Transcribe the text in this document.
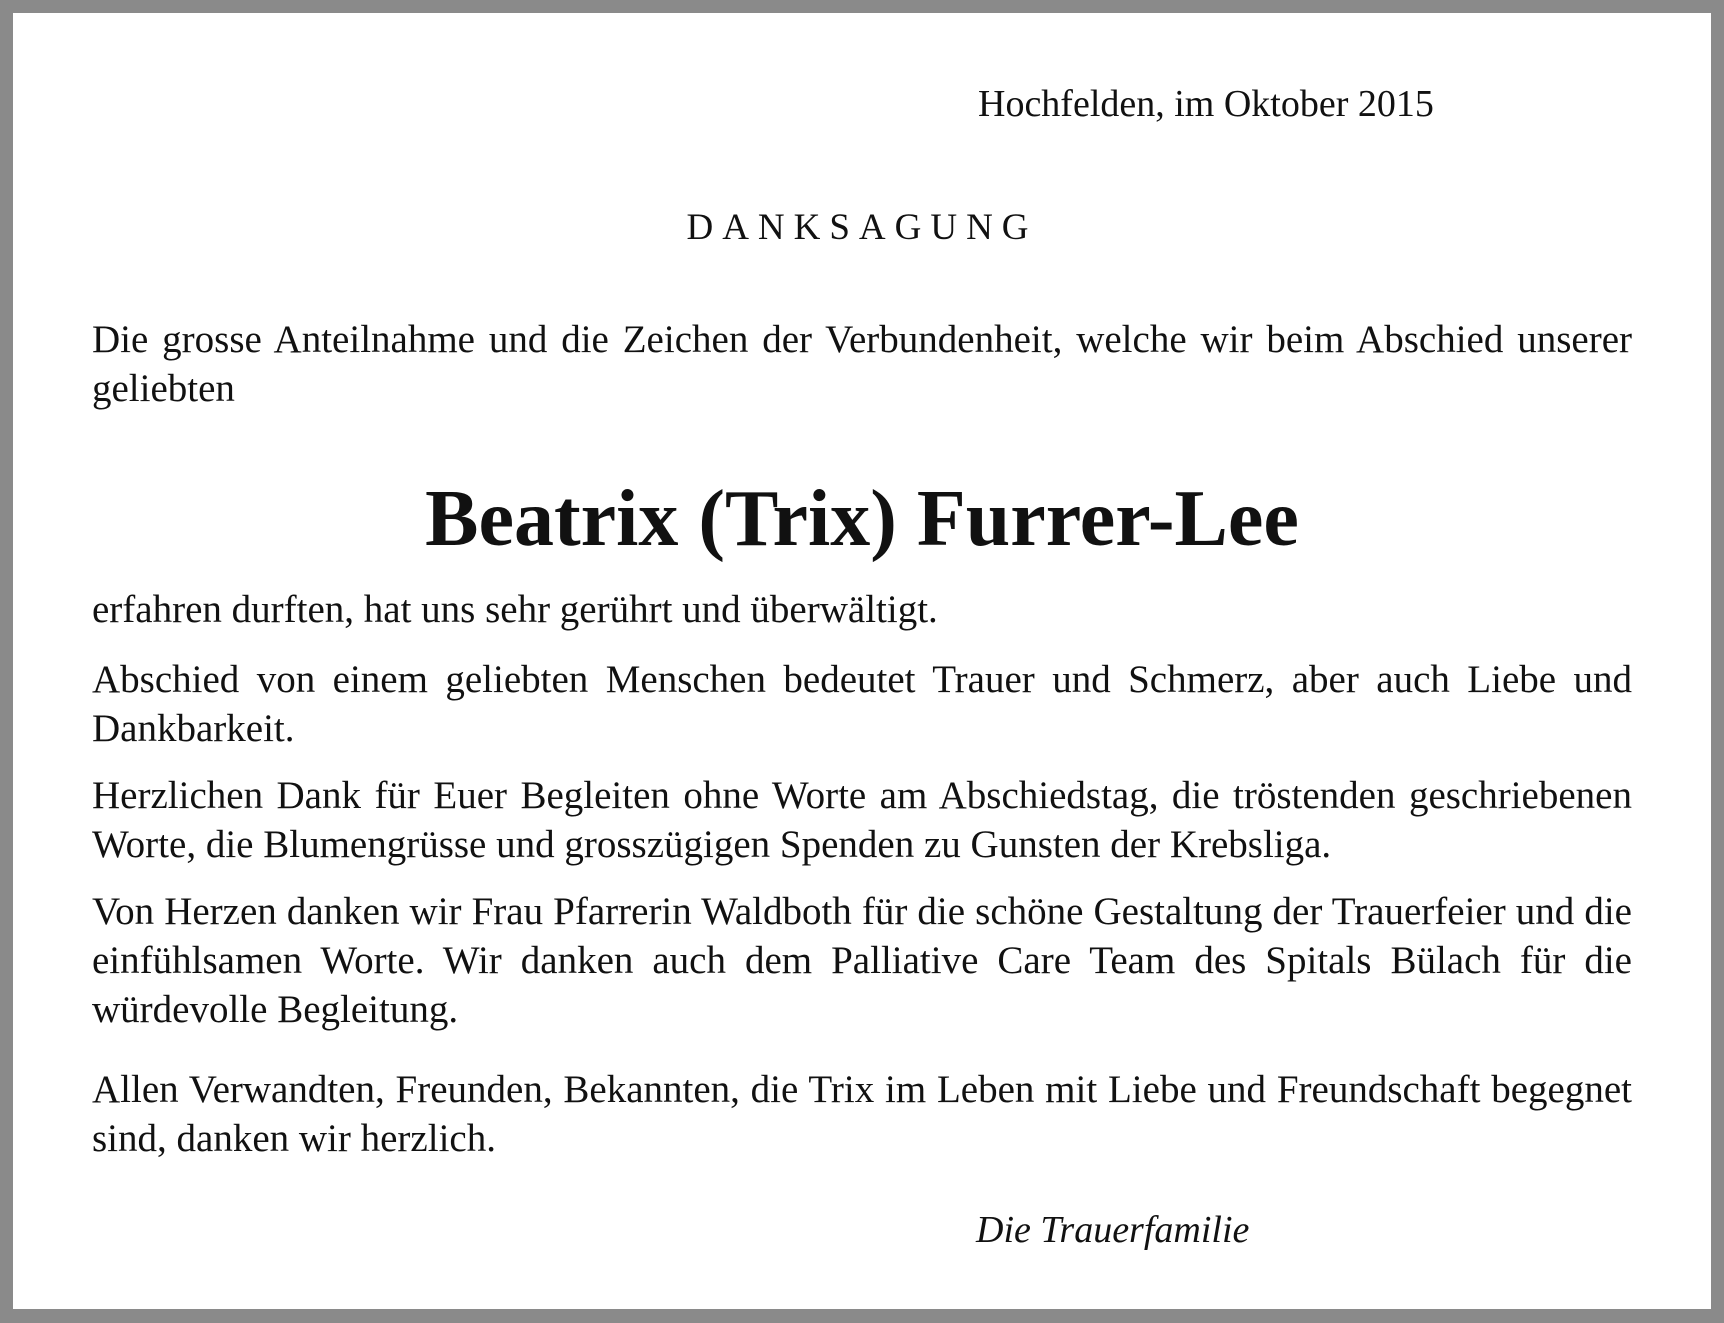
Hochfelden, im Oktober 2015
DANKSAGUNG

Die grosse Anteilnahme und die Zeichen der Verbundenheit, welche wir beim Abschied unserer geliebten

Beatrix (Trix) Furrer-Lee

erfahren durften, hat uns sehr gerührt und überwältigt.

Abschied von einem geliebten Menschen bedeutet Trauer und Schmerz, aber auch Liebe und Dankbarkeit.

Herzlichen Dank für Euer Begleiten ohne Worte am Abschiedstag, die tröstenden geschriebenen Worte, die Blumengrüsse und grosszügigen Spenden zu Gunsten der Krebsliga.

Von Herzen danken wir Frau Pfarrerin Waldboth für die schöne Gestaltung der Trauerfeier und die einfühlsamen Worte. Wir danken auch dem Palliative Care Team des Spitals Bülach für die würdevolle Begleitung.

Allen Verwandten, Freunden, Bekannten, die Trix im Leben mit Liebe und Freundschaft begegnet sind, danken wir herzlich.

Die Trauerfamilie
